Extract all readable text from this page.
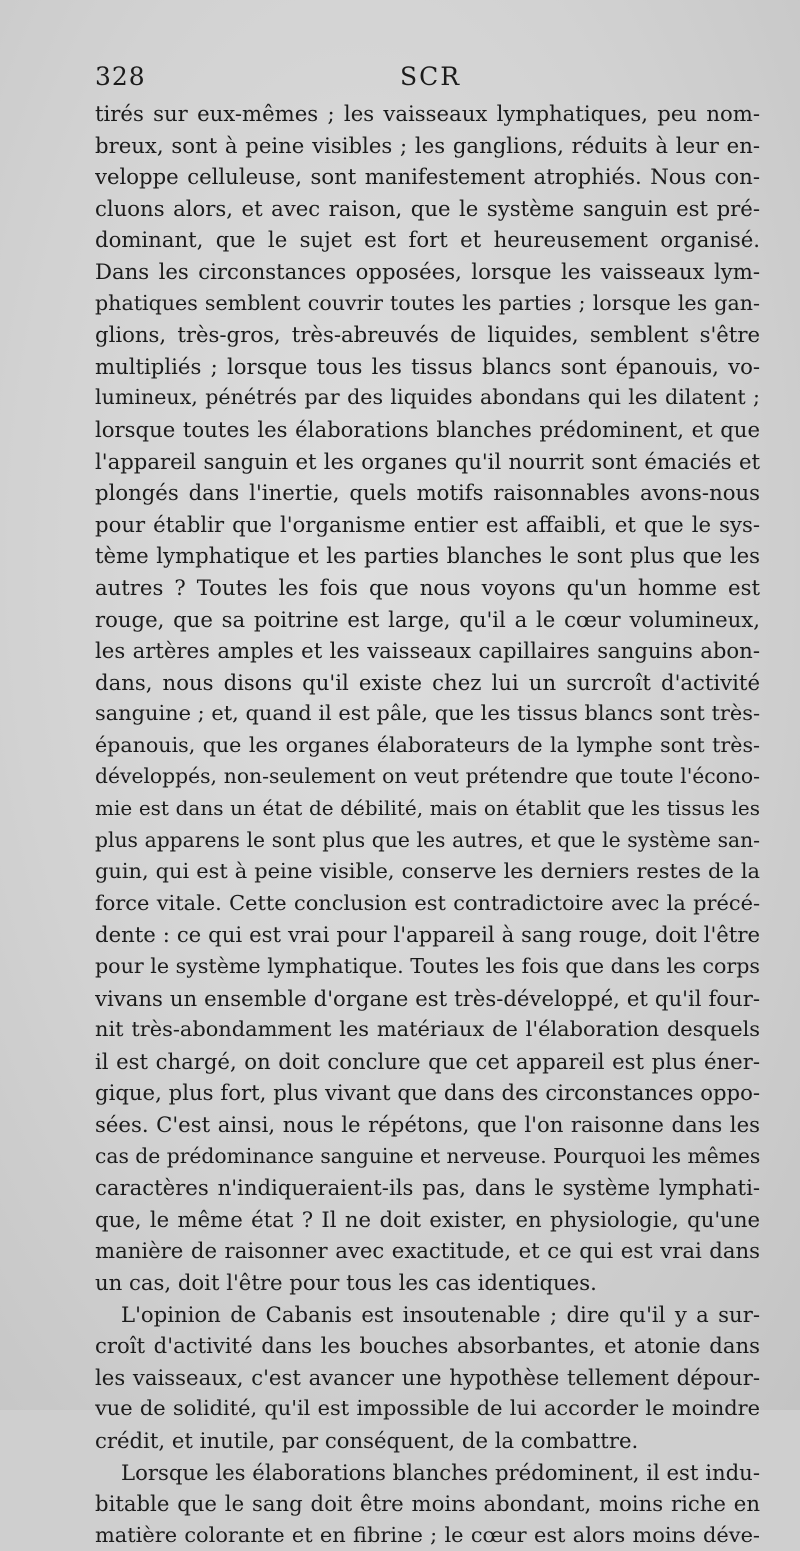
328	SCR
tirés sur eux-mêmes ; les vaisseaux lymphatiques, peu nom-
breux, sont à peine visibles ; les ganglions, réduits à leur en-
veloppe celluleuse, sont manifestement atrophiés. Nous con-
cluons alors, et avec raison, que le système sanguin est pré-
dominant, que le sujet est fort et heureusement organisé.
Dans les circonstances opposées, lorsque les vaisseaux lym-
phatiques semblent couvrir toutes les parties ; lorsque les gan-
glions, très-gros, très-abreuvés de liquides, semblent s'être
multipliés ; lorsque tous les tissus blancs sont épanouis, vo-
lumineux, pénétrés par des liquides abondans qui les dilatent ;
lorsque toutes les élaborations blanches prédominent, et que
l'appareil sanguin et les organes qu'il nourrit sont émaciés et
plongés dans l'inertie, quels motifs raisonnables avons-nous
pour établir que l'organisme entier est affaibli, et que le sys-
tème lymphatique et les parties blanches le sont plus que les
autres ? Toutes les fois que nous voyons qu'un homme est
rouge, que sa poitrine est large, qu'il a le cœur volumineux,
les artères amples et les vaisseaux capillaires sanguins abon-
dans, nous disons qu'il existe chez lui un surcroît d'activité
sanguine ; et, quand il est pâle, que les tissus blancs sont très-
épanouis, que les organes élaborateurs de la lymphe sont très-
développés, non-seulement on veut prétendre que toute l'écono-
mie est dans un état de débilité, mais on établit que les tissus les
plus apparens le sont plus que les autres, et que le système san-
guin, qui est à peine visible, conserve les derniers restes de la
force vitale. Cette conclusion est contradictoire avec la précé-
dente : ce qui est vrai pour l'appareil à sang rouge, doit l'être
pour le système lymphatique. Toutes les fois que dans les corps
vivans un ensemble d'organe est très-développé, et qu'il four-
nit très-abondamment les matériaux de l'élaboration desquels
il est chargé, on doit conclure que cet appareil est plus éner-
gique, plus fort, plus vivant que dans des circonstances oppo-
sées. C'est ainsi, nous le répétons, que l'on raisonne dans les
cas de prédominance sanguine et nerveuse. Pourquoi les mêmes
caractères n'indiqueraient-ils pas, dans le système lymphati-
que, le même état ? Il ne doit exister, en physiologie, qu'une
manière de raisonner avec exactitude, et ce qui est vrai dans
un cas, doit l'être pour tous les cas identiques.
L'opinion de Cabanis est insoutenable ; dire qu'il y a sur-
croît d'activité dans les bouches absorbantes, et atonie dans
les vaisseaux, c'est avancer une hypothèse tellement dépour-
vue de solidité, qu'il est impossible de lui accorder le moindre
crédit, et inutile, par conséquent, de la combattre.
Lorsque les élaborations blanches prédominent, il est indu-
bitable que le sang doit être moins abondant, moins riche en
matière colorante et en fibrine ; le cœur est alors moins déve-
